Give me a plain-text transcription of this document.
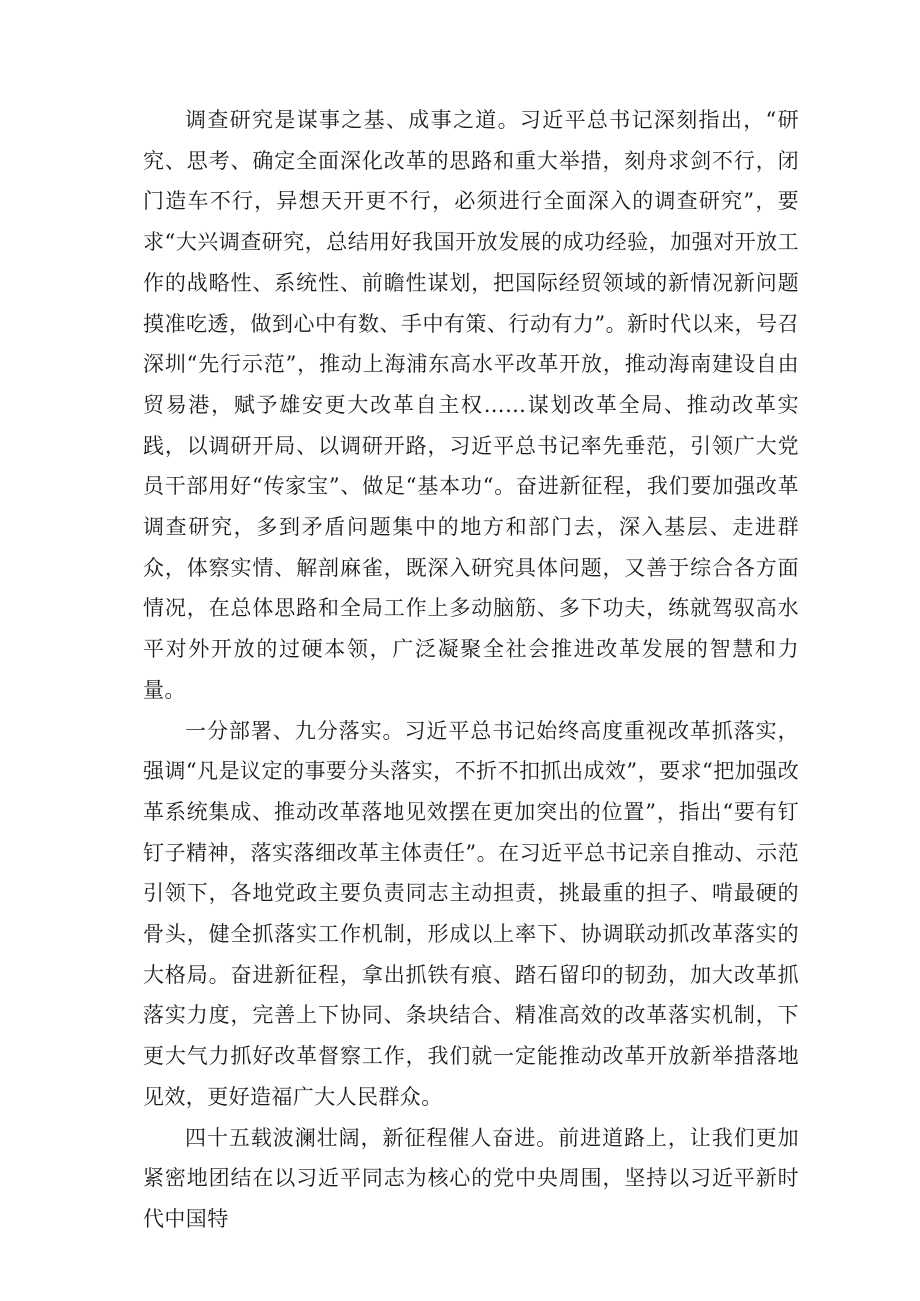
调查研究是谋事之基、成事之道。习近平总书记深刻指出，“研究、思考、确定全面深化改革的思路和重大举措，刻舟求剑不行，闭门造车不行，异想天开更不行，必须进行全面深入的调查研究”，要求“大兴调查研究，总结用好我国开放发展的成功经验，加强对开放工作的战略性、系统性、前瞻性谋划，把国际经贸领域的新情况新问题摸准吃透，做到心中有数、手中有策、行动有力”。新时代以来，号召深圳“先行示范”，推动上海浦东高水平改革开放，推动海南建设自由贸易港，赋予雄安更大改革自主权……谋划改革全局、推动改革实践，以调研开局、以调研开路，习近平总书记率先垂范，引领广大党员干部用好“传家宝”、做足“基本功“。奋进新征程，我们要加强改革调查研究，多到矛盾问题集中的地方和部门去，深入基层、走进群众，体察实情、解剖麻雀，既深入研究具体问题，又善于综合各方面情况，在总体思路和全局工作上多动脑筋、多下功夫，练就驾驭高水平对外开放的过硬本领，广泛凝聚全社会推进改革发展的智慧和力量。

一分部署、九分落实。习近平总书记始终高度重视改革抓落实，强调“凡是议定的事要分头落实，不折不扣抓出成效”，要求“把加强改革系统集成、推动改革落地见效摆在更加突出的位置”，指出“要有钉钉子精神，落实落细改革主体责任”。在习近平总书记亲自推动、示范引领下，各地党政主要负责同志主动担责，挑最重的担子、啃最硬的骨头，健全抓落实工作机制，形成以上率下、协调联动抓改革落实的大格局。奋进新征程，拿出抓铁有痕、踏石留印的韧劲，加大改革抓落实力度，完善上下协同、条块结合、精准高效的改革落实机制，下更大气力抓好改革督察工作，我们就一定能推动改革开放新举措落地见效，更好造福广大人民群众。

四十五载波澜壮阔，新征程催人奋进。前进道路上，让我们更加紧密地团结在以习近平同志为核心的党中央周围，坚持以习近平新时代中国特
